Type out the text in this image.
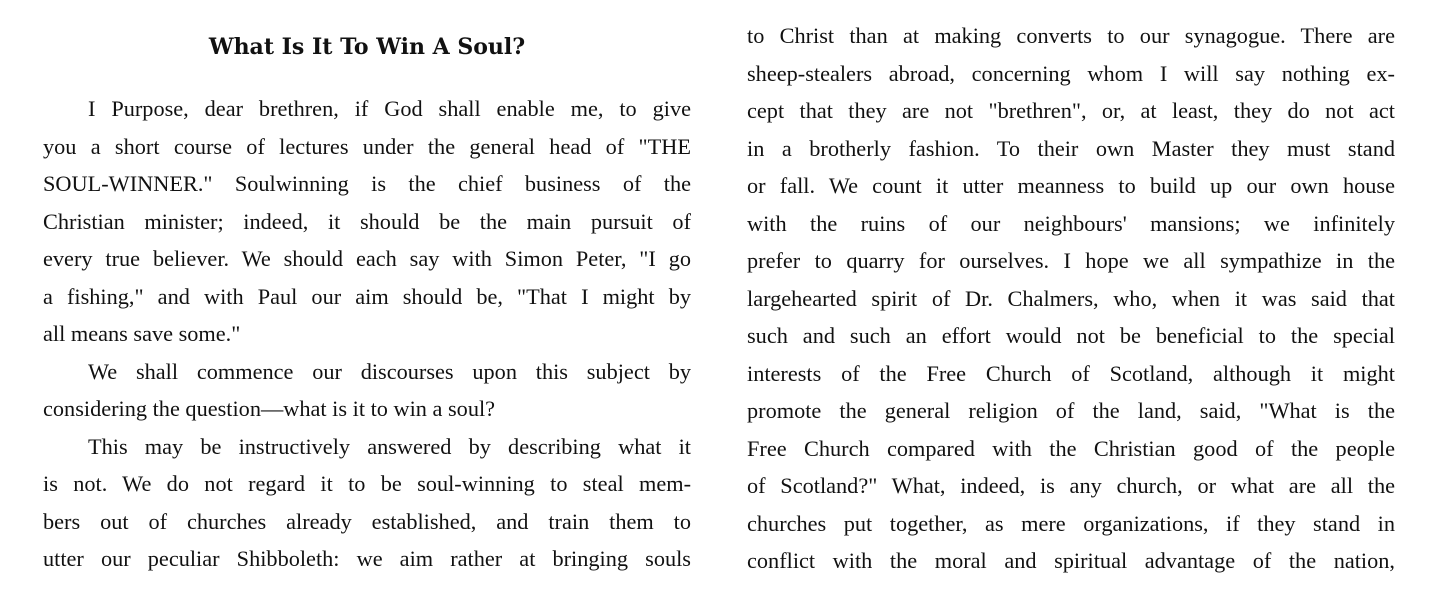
What Is It To Win A Soul?
I Purpose, dear brethren, if God shall enable me, to give
you a short course of lectures under the general head of "THE
SOUL-WINNER." Soulwinning is the chief business of the
Christian minister; indeed, it should be the main pursuit of
every true believer. We should each say with Simon Peter, "I go
a fishing," and with Paul our aim should be, "That I might by
all means save some."
We shall commence our discourses upon this subject by
considering the question—what is it to win a soul?
This may be instructively answered by describing what it
is not. We do not regard it to be soul-winning to steal mem-
bers out of churches already established, and train them to
utter our peculiar Shibboleth: we aim rather at bringing souls
to Christ than at making converts to our synagogue. There are
sheep-stealers abroad, concerning whom I will say nothing ex-
cept that they are not "brethren", or, at least, they do not act
in a brotherly fashion. To their own Master they must stand
or fall. We count it utter meanness to build up our own house
with the ruins of our neighbours' mansions; we infinitely
prefer to quarry for ourselves. I hope we all sympathize in the
largehearted spirit of Dr. Chalmers, who, when it was said that
such and such an effort would not be beneficial to the special
interests of the Free Church of Scotland, although it might
promote the general religion of the land, said, "What is the
Free Church compared with the Christian good of the people
of Scotland?" What, indeed, is any church, or what are all the
churches put together, as mere organizations, if they stand in
conflict with the moral and spiritual advantage of the nation,
